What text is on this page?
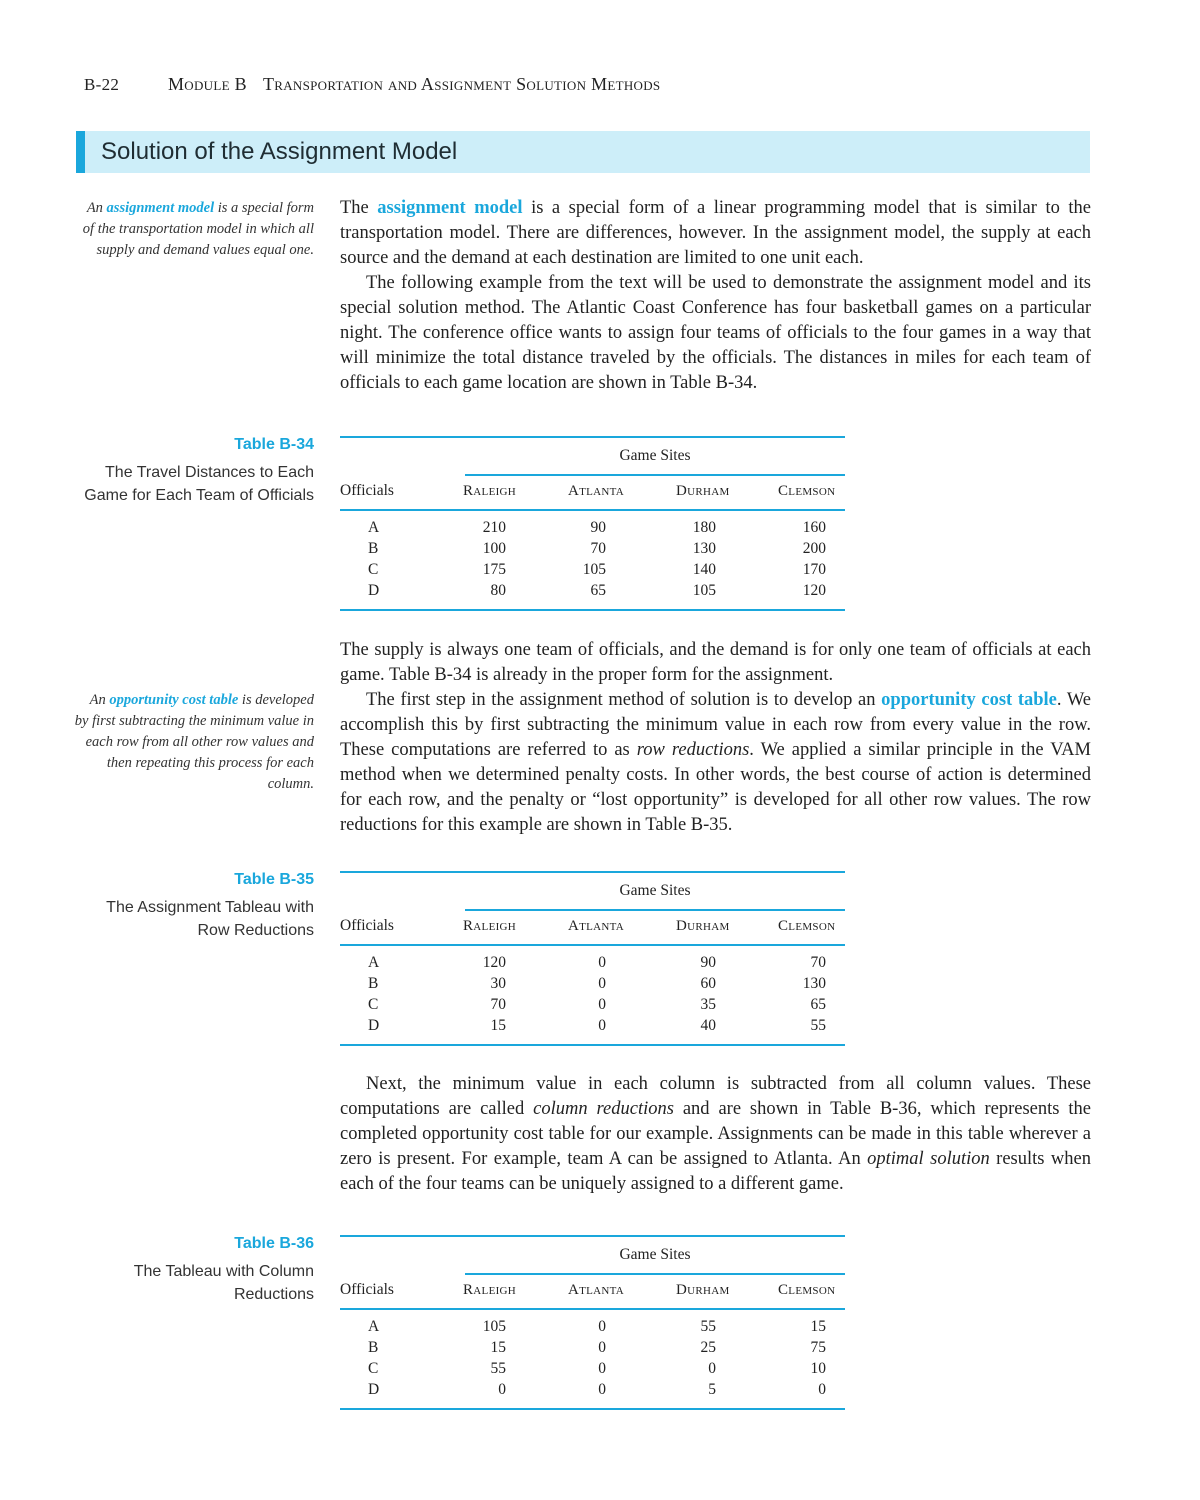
B-22	Module B Transportation and Assignment Solution Methods
Solution of the Assignment Model
An assignment model is a special form of the transportation model in which all supply and demand values equal one.

The assignment model is a special form of a linear programming model that is similar to the transportation model. There are differences, however. In the assignment model, the supply at each source and the demand at each destination are limited to one unit each.

The following example from the text will be used to demonstrate the assignment model and its special solution method. The Atlantic Coast Conference has four basketball games on a particular night. The conference office wants to assign four teams of officials to the four games in a way that will minimize the total distance traveled by the officials. The distances in miles for each team of officials to each game location are shown in Table B-34.

Table B-34
The Travel Distances to Each Game for Each Team of Officials
Game Sites
Officials	Raleigh	Atlanta	Durham	Clemson
A	210	90	180	160
B	100	70	130	200
C	175	105	140	170
D	80	65	105	120

The supply is always one team of officials, and the demand is for only one team of officials at each game. Table B-34 is already in the proper form for the assignment.

The first step in the assignment method of solution is to develop an opportunity cost table. We accomplish this by first subtracting the minimum value in each row from every value in the row. These computations are referred to as row reductions. We applied a similar principle in the VAM method when we determined penalty costs. In other words, the best course of action is determined for each row, and the penalty or “lost opportunity” is developed for all other row values. The row reductions for this example are shown in Table B-35.

An opportunity cost table is developed by first subtracting the minimum value in each row from all other row values and then repeating this process for each column.
Table B-35
The Assignment Tableau with Row Reductions
Game Sites
Officials	Raleigh	Atlanta	Durham	Clemson
A	120	0	90	70
B	30	0	60	130
C	70	0	35	65
D	15	0	40	55

Next, the minimum value in each column is subtracted from all column values. These computations are called column reductions and are shown in Table B-36, which represents the completed opportunity cost table for our example. Assignments can be made in this table wherever a zero is present. For example, team A can be assigned to Atlanta. An optimal solution results when each of the four teams can be uniquely assigned to a different game.

Table B-36
The Tableau with Column Reductions
Game Sites
Officials	Raleigh	Atlanta	Durham	Clemson
A	105	0	55	15
B	15	0	25	75
C	55	0	0	10
D	0	0	5	0
